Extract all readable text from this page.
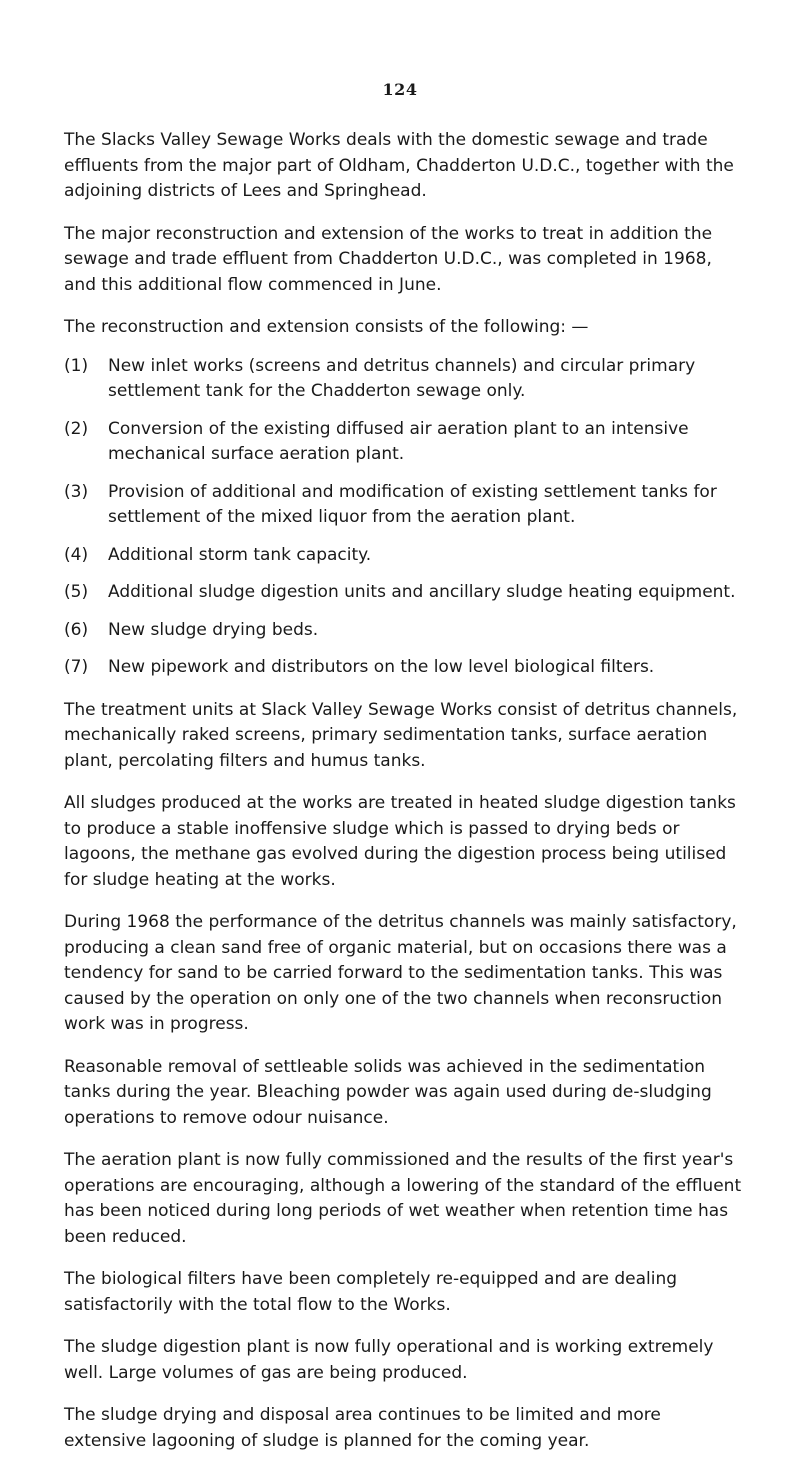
124

The Slacks Valley Sewage Works deals with the domestic sewage and trade effluents from the major part of Oldham, Chadderton U.D.C., together with the adjoining districts of Lees and Springhead.

The major reconstruction and extension of the works to treat in addition the sewage and trade effluent from Chadderton U.D.C., was completed in 1968, and this additional flow commenced in June.

The reconstruction and extension consists of the following: —

(1)	New inlet works (screens and detritus channels) and circular primary settlement tank for the Chadderton sewage only.
(2)	Conversion of the existing diffused air aeration plant to an intensive mechanical surface aeration plant.
(3)	Provision of additional and modification of existing settlement tanks for settlement of the mixed liquor from the aeration plant.
(4)	Additional storm tank capacity.
(5)	Additional sludge digestion units and ancillary sludge heating equipment.
(6)	New sludge drying beds.
(7)	New pipework and distributors on the low level biological filters.

The treatment units at Slack Valley Sewage Works consist of detritus channels, mechanically raked screens, primary sedimentation tanks, surface aeration plant, percolating filters and humus tanks.

All sludges produced at the works are treated in heated sludge digestion tanks to produce a stable inoffensive sludge which is passed to drying beds or lagoons, the methane gas evolved during the digestion process being utilised for sludge heating at the works.

During 1968 the performance of the detritus channels was mainly satisfactory, producing a clean sand free of organic material, but on occasions there was a tendency for sand to be carried forward to the sedimentation tanks. This was caused by the operation on only one of the two channels when reconsruction work was in progress.

Reasonable removal of settleable solids was achieved in the sedimentation tanks during the year. Bleaching powder was again used during de-sludging operations to remove odour nuisance.

The aeration plant is now fully commissioned and the results of the first year's operations are encouraging, although a lowering of the standard of the effluent has been noticed during long periods of wet weather when retention time has been reduced.

The biological filters have been completely re-equipped and are dealing satisfactorily with the total flow to the Works.

The sludge digestion plant is now fully operational and is working extremely well. Large volumes of gas are being produced.

The sludge drying and disposal area continues to be limited and more extensive lagooning of sludge is planned for the coming year.
